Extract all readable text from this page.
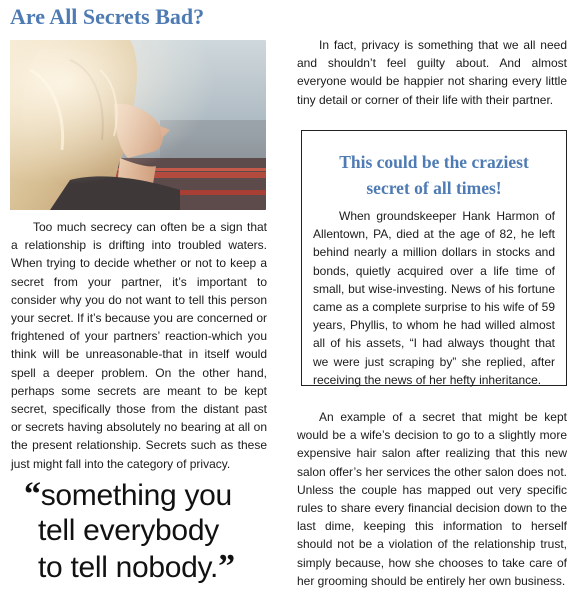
Are All Secrets Bad?

Too much secrecy can often be a sign that a relationship is drifting into troubled waters. When trying to decide whether or not to keep a secret from your partner, it’s important to consider why you do not want to tell this person your secret. If it’s because you are concerned or frightened of your partners’ reaction-which you think will be unreasonable-that in itself would spell a deeper problem. On the other hand, perhaps some secrets are meant to be kept secret, specifically those from the distant past or secrets having absolutely no bearing at all on the present relationship. Secrets such as these just might fall into the category of privacy.

“something you
tell everybody
to tell nobody.”

In fact, privacy is something that we all need and shouldn’t feel guilty about. And almost everyone would be happier not sharing every little tiny detail or corner of their life with their partner.

This could be the craziest
secret of all times!

When groundskeeper Hank Harmon of Allentown, PA, died at the age of 82, he left behind nearly a million dollars in stocks and bonds, quietly acquired over a life time of small, but wise-investing. News of his fortune came as a complete surprise to his wife of 59 years, Phyllis, to whom he had willed almost all of his assets, “I had always thought that we were just scraping by” she replied, after receiving the news of her hefty inheritance.

An example of a secret that might be kept would be a wife’s decision to go to a slightly more expensive hair salon after realizing that this new salon offer’s her services the other salon does not. Unless the couple has mapped out very specific rules to share every financial decision down to the last dime, keeping this information to herself should not be a violation of the relationship trust, simply because, how she chooses to take care of her grooming should be entirely her own business.
